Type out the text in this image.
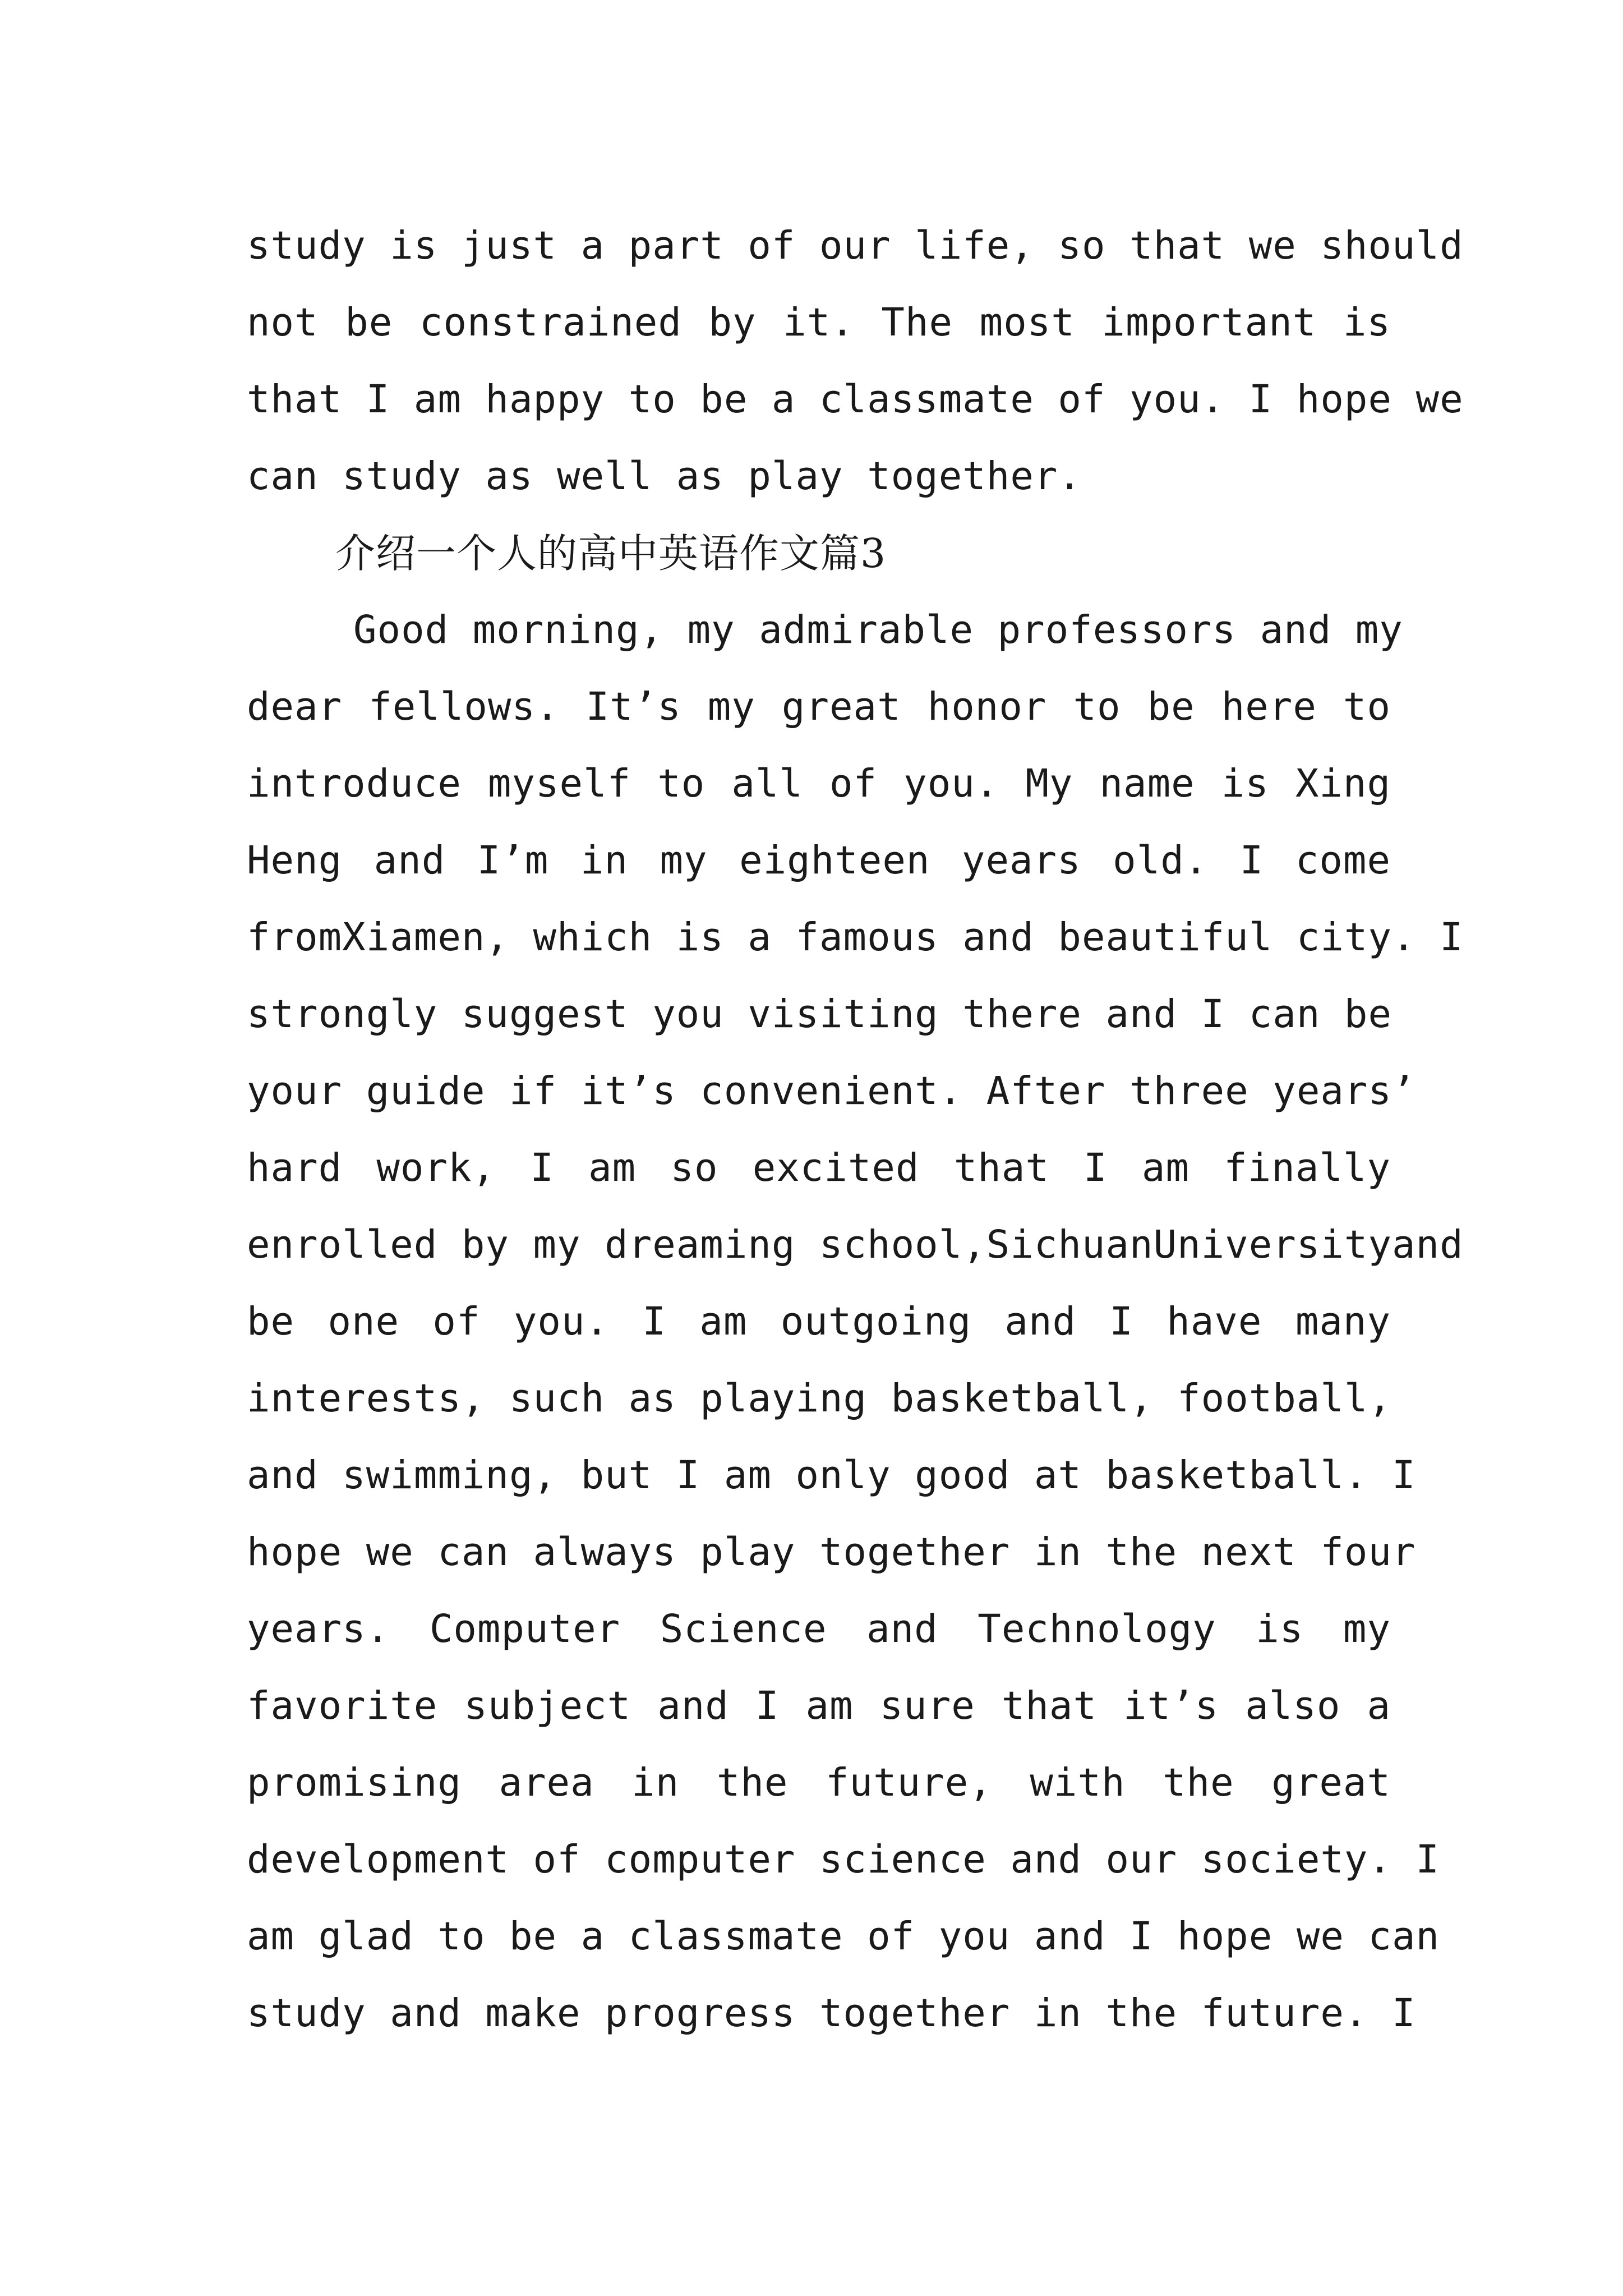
study is just a part of our life, so that we should
not be constrained by it. The most important is
that I am happy to be a classmate of you. I hope we
can study as well as play together.
介绍一个人的高中英语作文篇3
Good morning, my admirable professors and my
dear fellows. It’s my great honor to be here to
introduce myself to all of you. My name is Xing
Heng and I’m in my eighteen years old. I come
fromXiamen, which is a famous and beautiful city. I
strongly suggest you visiting there and I can be
your guide if it’s convenient. After three years’
hard work, I am so excited that I am finally
enrolled by my dreaming school,SichuanUniversityand
be one of you. I am outgoing and I have many
interests, such as playing basketball, football,
and swimming, but I am only good at basketball. I
hope we can always play together in the next four
years. Computer Science and Technology is my
favorite subject and I am sure that it’s also a
promising area in the future, with the great
development of computer science and our society. I
am glad to be a classmate of you and I hope we can
study and make progress together in the future. I
